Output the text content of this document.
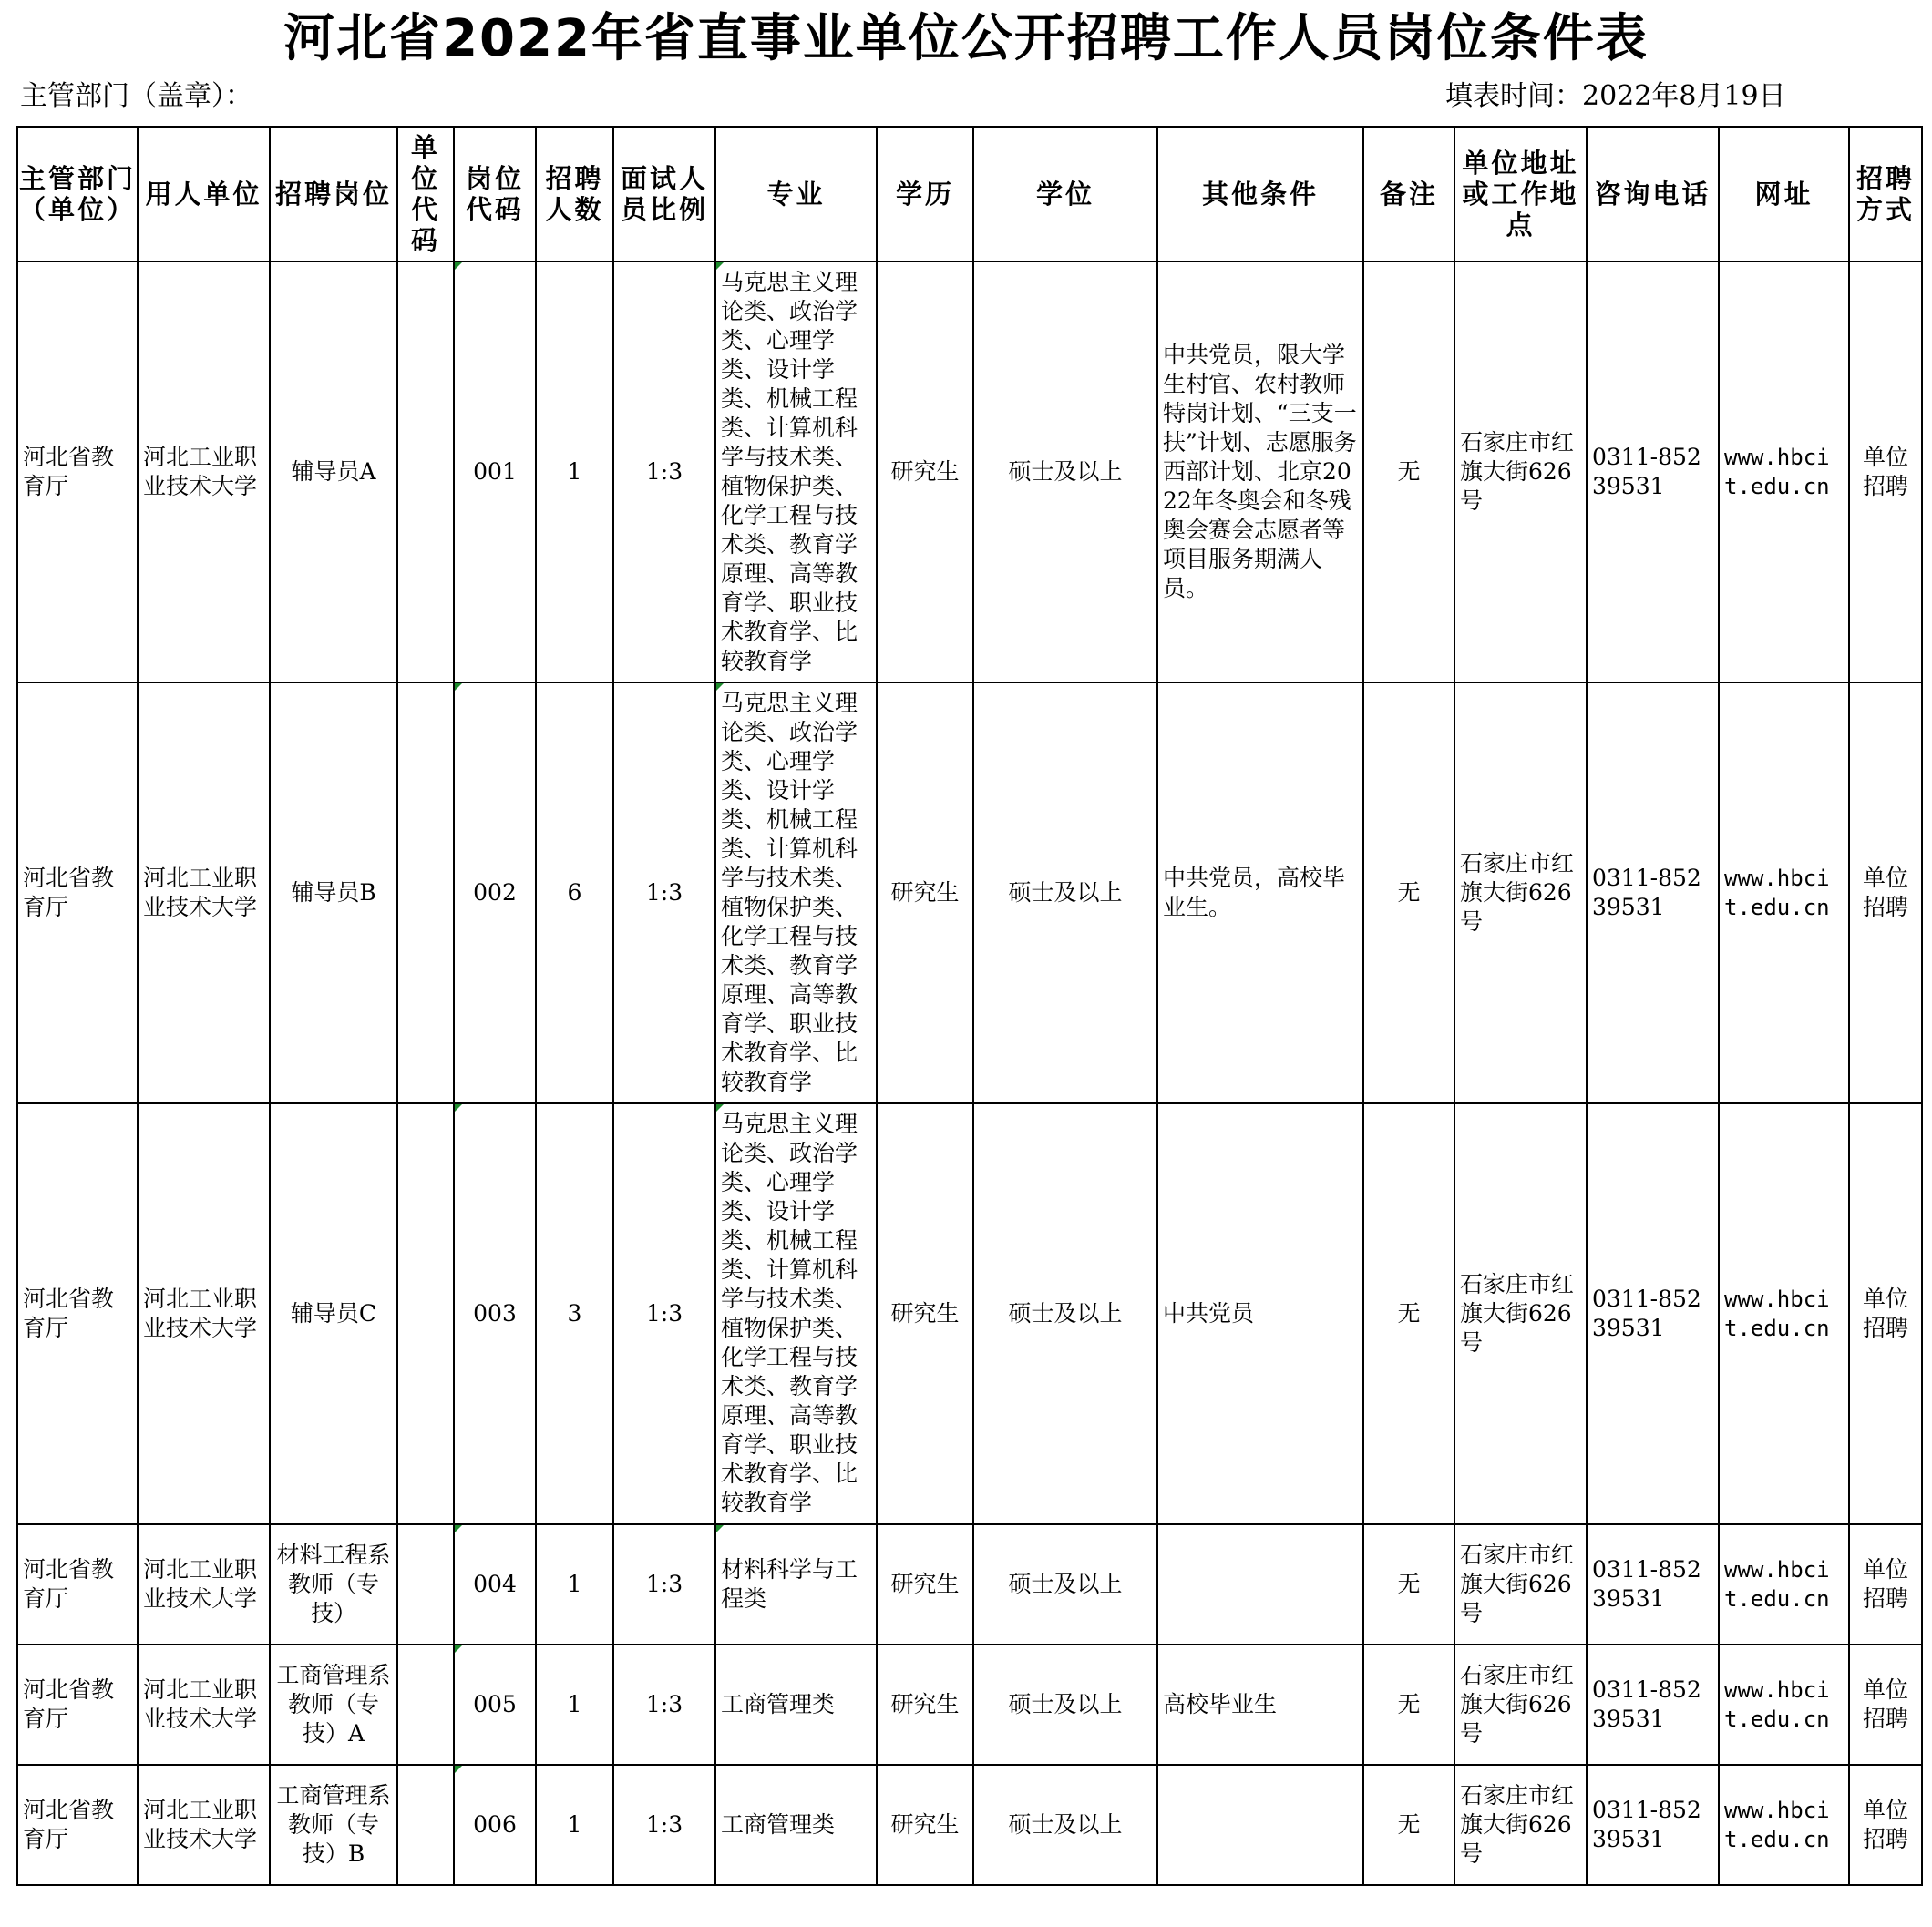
河北省2022年省直事业单位公开招聘工作人员岗位条件表
主管部门（盖章）：	填表时间：2022年8月19日
主管部门（单位）	用人单位	招聘岗位	单位代码	岗位代码	招聘人数	面试人员比例	专业	学历	学位	其他条件	备注	单位地址或工作地点	咨询电话	网址	招聘方式

河北省教育厅	河北工业职业技术大学	辅导员A		001	1	1:3	马克思主义理论类、政治学类、心理学类、设计学类、机械工程类、计算机科学与技术类、植物保护类、化学工程与技术类、教育学原理、高等教育学、职业技术教育学、比较教育学	研究生	硕士及以上	中共党员，限大学生村官、农村教师特岗计划、“三支一扶”计划、志愿服务西部计划、北京2022年冬奥会和冬残奥会赛会志愿者等项目服务期满人员。	无	石家庄市红旗大街626号	0311-85239531	www.hbcit.edu.cn	单位招聘

河北省教育厅	河北工业职业技术大学	辅导员B		002	6	1:3	马克思主义理论类、政治学类、心理学类、设计学类、机械工程类、计算机科学与技术类、植物保护类、化学工程与技术类、教育学原理、高等教育学、职业技术教育学、比较教育学	研究生	硕士及以上	中共党员，高校毕业生。	无	石家庄市红旗大街626号	0311-85239531	www.hbcit.edu.cn	单位招聘

河北省教育厅	河北工业职业技术大学	辅导员C		003	3	1:3	马克思主义理论类、政治学类、心理学类、设计学类、机械工程类、计算机科学与技术类、植物保护类、化学工程与技术类、教育学原理、高等教育学、职业技术教育学、比较教育学	研究生	硕士及以上	中共党员	无	石家庄市红旗大街626号	0311-85239531	www.hbcit.edu.cn	单位招聘

河北省教育厅	河北工业职业技术大学	材料工程系教师（专技）		004	1	1:3	材料科学与工程类	研究生	硕士及以上		无	石家庄市红旗大街626号	0311-85239531	www.hbcit.edu.cn	单位招聘

河北省教育厅	河北工业职业技术大学	工商管理系教师（专技）A		005	1	1:3	工商管理类	研究生	硕士及以上	高校毕业生	无	石家庄市红旗大街626号	0311-85239531	www.hbcit.edu.cn	单位招聘

河北省教育厅	河北工业职业技术大学	工商管理系教师（专技）B		006	1	1:3	工商管理类	研究生	硕士及以上		无	石家庄市红旗大街626号	0311-85239531	www.hbcit.edu.cn	单位招聘
